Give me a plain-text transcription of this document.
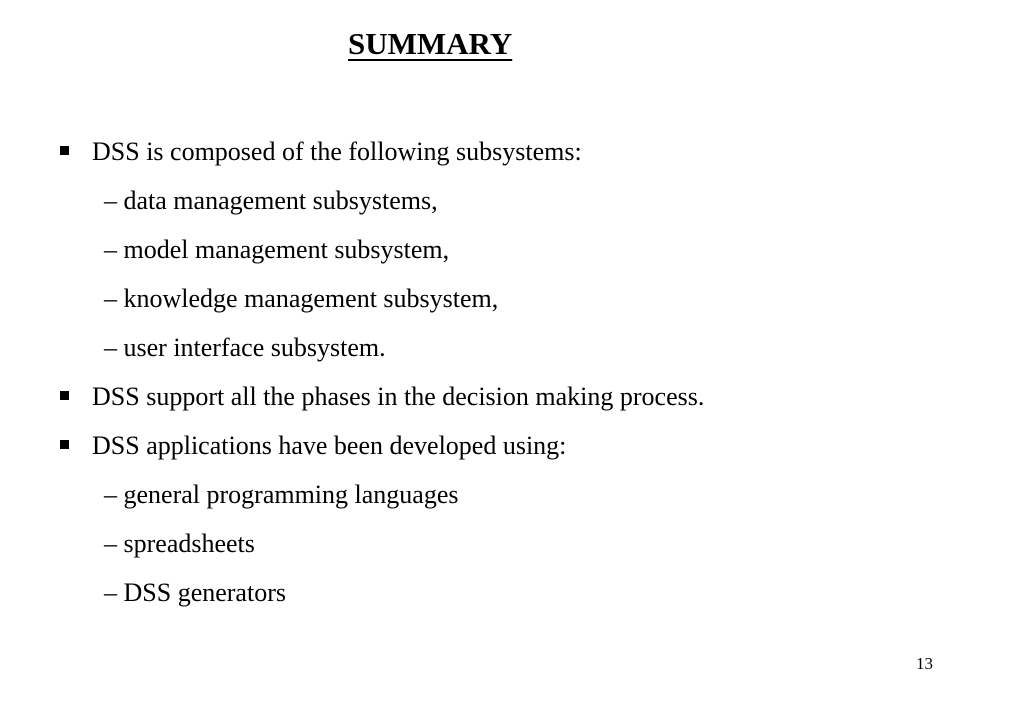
SUMMARY
DSS is composed of the following subsystems:
– data management subsystems,
– model management subsystem,
– knowledge management subsystem,
– user interface subsystem.
DSS support all the phases in the decision making process.
DSS applications have been developed using:
– general programming languages
– spreadsheets
– DSS generators
13
